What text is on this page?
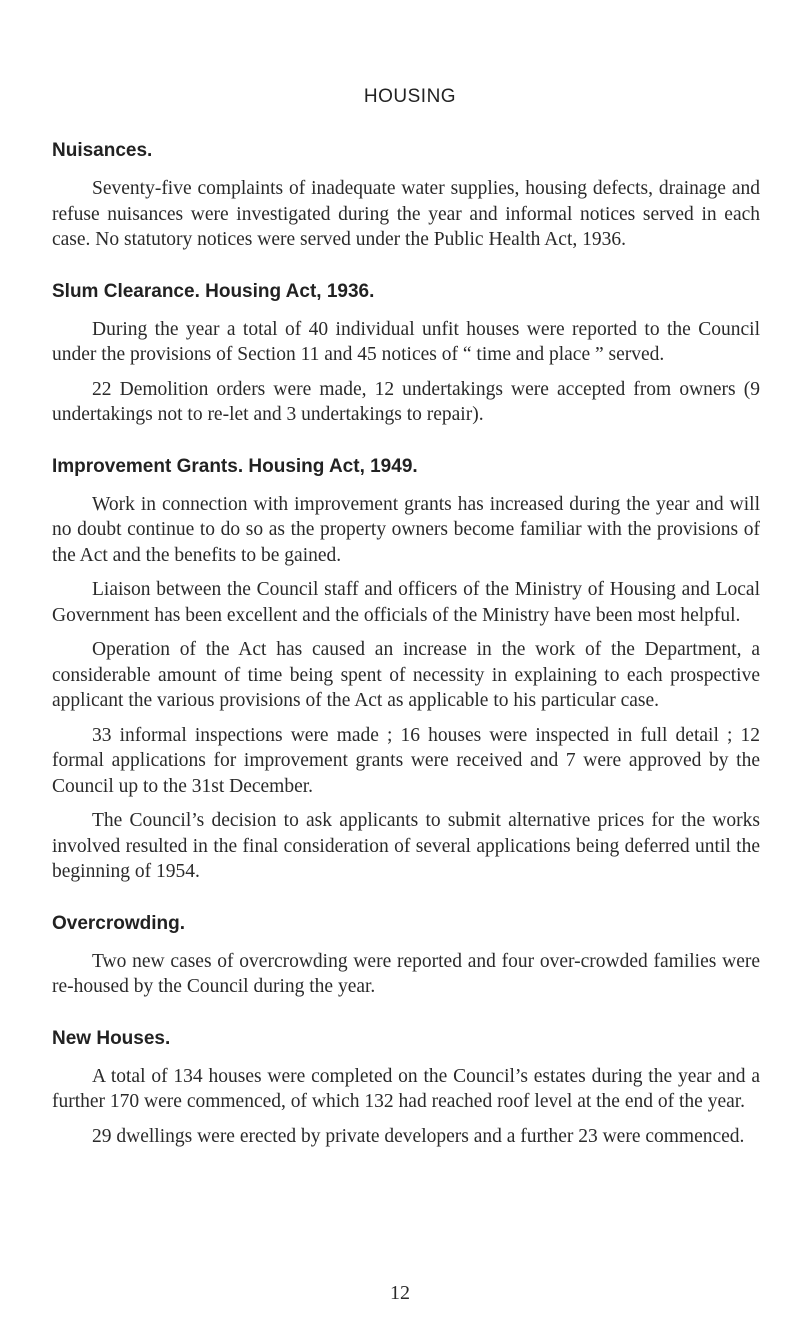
HOUSING
Nuisances.

Seventy-five complaints of inadequate water supplies, housing defects, drainage and refuse nuisances were investigated during the year and informal notices served in each case. No statutory notices were served under the Public Health Act, 1936.

Slum Clearance. Housing Act, 1936.

During the year a total of 40 individual unfit houses were reported to the Council under the provisions of Section 11 and 45 notices of “ time and place ” served.

22 Demolition orders were made, 12 undertakings were accepted from owners (9 undertakings not to re-let and 3 undertakings to repair).

Improvement Grants. Housing Act, 1949.

Work in connection with improvement grants has increased during the year and will no doubt continue to do so as the property owners become familiar with the provisions of the Act and the benefits to be gained.

Liaison between the Council staff and officers of the Ministry of Housing and Local Government has been excellent and the officials of the Ministry have been most helpful.

Operation of the Act has caused an increase in the work of the Department, a considerable amount of time being spent of necessity in explaining to each prospective applicant the various provisions of the Act as applicable to his particular case.

33 informal inspections were made ; 16 houses were inspected in full detail ; 12 formal applications for improvement grants were received and 7 were approved by the Council up to the 31st December.

The Council’s decision to ask applicants to submit alternative prices for the works involved resulted in the final consideration of several applications being deferred until the beginning of 1954.

Overcrowding.

Two new cases of overcrowding were reported and four over-crowded families were re-housed by the Council during the year.

New Houses.

A total of 134 houses were completed on the Council’s estates during the year and a further 170 were commenced, of which 132 had reached roof level at the end of the year.

29 dwellings were erected by private developers and a further 23 were commenced.

12
